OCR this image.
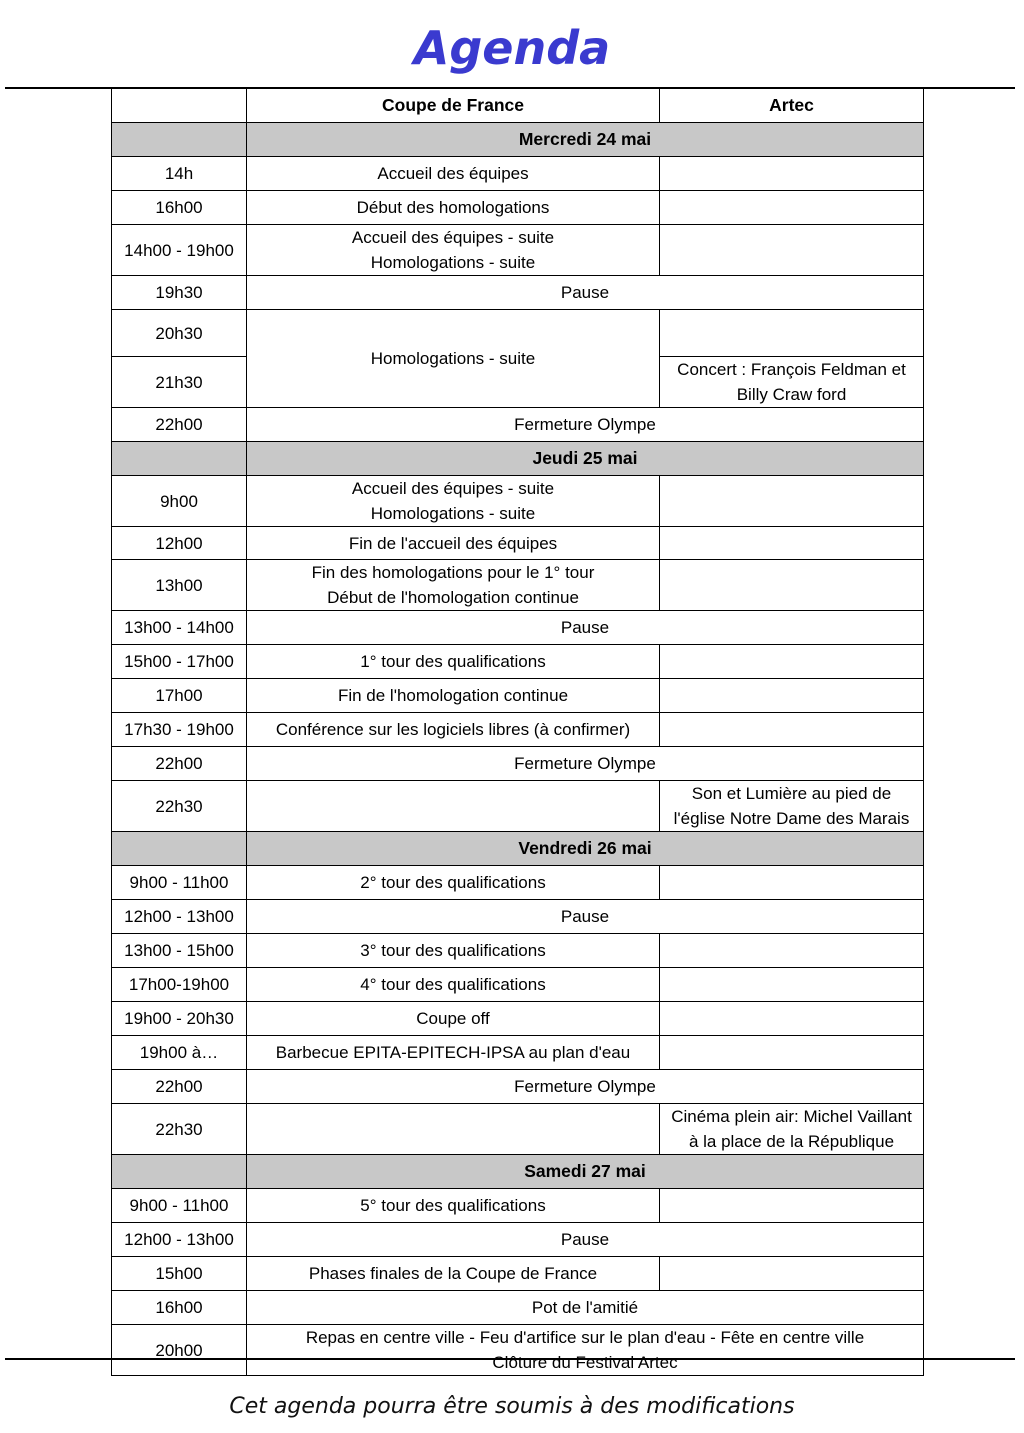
Agenda
	Coupe de France	Artec
	Mercredi 24 mai	
14h	Accueil des équipes	

16h00	Début des homologations	

14h00 - 19h00	Accueil des équipes - suite
Homologations - suite	

19h30	Pause	

20h30	Homologations - suite	

21h30		Concert : François Feldman et
Billy Craw ford

22h00	Fermeture Olympe	

	Jeudi 25 mai	
9h00	Accueil des équipes - suite
Homologations - suite	

12h00	Fin de l'accueil des équipes	

13h00	Fin des homologations pour le 1° tour
Début de l'homologation continue	

13h00 - 14h00	Pause	

15h00 - 17h00	1° tour des qualifications	

17h00	Fin de l'homologation continue	

17h30 - 19h00	Conférence sur les logiciels libres (à confirmer)	

22h00	Fermeture Olympe	

22h30		Son et Lumière au pied de
l'église Notre Dame des Marais

	Vendredi 26 mai	
9h00 - 11h00	2° tour des qualifications	

12h00 - 13h00	Pause	

13h00 - 15h00	3° tour des qualifications	

17h00-19h00	4° tour des qualifications	

19h00 - 20h30	Coupe off	

19h00 à…	Barbecue EPITA-EPITECH-IPSA au plan d'eau	

22h00	Fermeture Olympe	

22h30		Cinéma plein air: Michel Vaillant
à la place de la République

	Samedi 27 mai	
9h00 - 11h00	5° tour des qualifications	

12h00 - 13h00	Pause	

15h00	Phases finales de la Coupe de France	

16h00	Pot de l'amitié	

20h00	Repas en centre ville - Feu d'artifice sur le plan d'eau - Fête en centre ville
Clôture du Festival Artec	
Cet agenda pourra être soumis à des modifications
